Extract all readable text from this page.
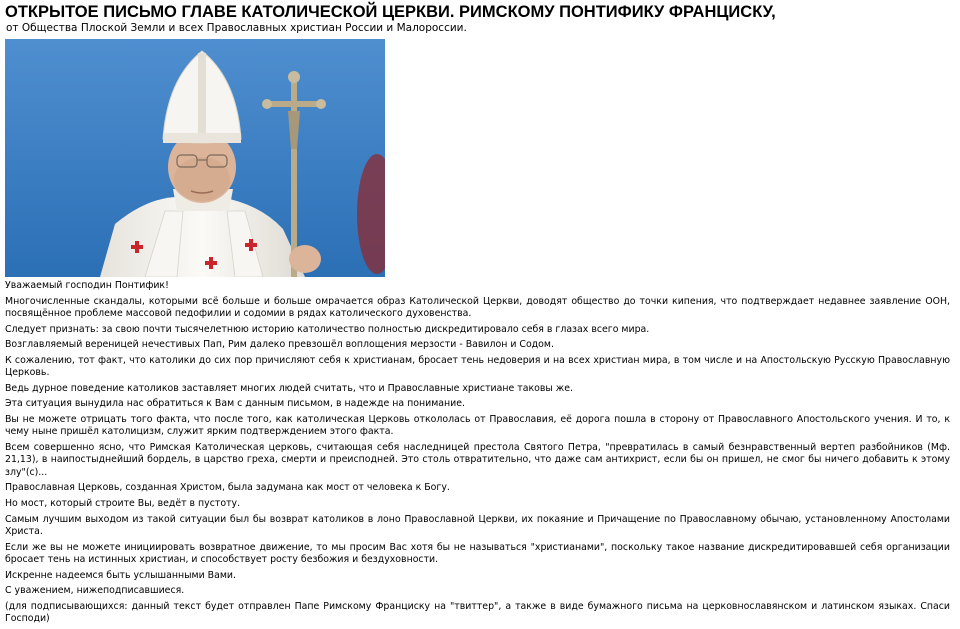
ОТКРЫТОЕ ПИСЬМО ГЛАВЕ КАТОЛИЧЕСКОЙ ЦЕРКВИ. РИМСКОМУ ПОНТИФИКУ ФРАНЦИСКУ,
от Общества Плоской Земли и всех Православных христиан России и Малороссии.

Уважаемый господин Понтифик!

Многочисленные скандалы, которыми всё больше и больше омрачается образ Католической Церкви, доводят общество до точки кипения, что подтверждает недавнее заявление ООН, посвящённое проблеме массовой педофилии и содомии в рядах католического духовенства.

Следует признать: за свою почти тысячелетнюю историю католичество полностью дискредитировало себя в глазах всего мира.

Возглавляемый вереницей нечестивых Пап, Рим далеко превзошёл воплощения мерзости - Вавилон и Содом.

К сожалению, тот факт, что католики до сих пор причисляют себя к христианам, бросает тень недоверия и на всех христиан мира, в том числе и на Апостольскую Русскую Православную Церковь.

Ведь дурное поведение католиков заставляет многих людей считать, что и Православные христиане таковы же.

Эта ситуация вынудила нас обратиться к Вам с данным письмом, в надежде на понимание.

Вы не можете отрицать того факта, что после того, как католическая Церковь откололась от Православия, её дорога пошла в сторону от Православного Апостольского учения. И то, к чему ныне пришёл католицизм, служит ярким подтверждением этого факта.

Всем совершенно ясно, что Римская Католическая церковь, считающая себя наследницей престола Святого Петра, "превратилась в самый безнравственный вертеп разбойников (Мф. 21,13), в наипостыднейший бордель, в царство греха, смерти и преисподней. Это столь отвратительно, что даже сам антихрист, если бы он пришел, не смог бы ничего добавить к этому злу"(с)...

Православная Церковь, созданная Христом, была задумана как мост от человека к Богу.

Но мост, который строите Вы, ведёт в пустоту.

Самым лучшим выходом из такой ситуации был бы возврат католиков в лоно Православной Церкви, их покаяние и Причащение по Православному обычаю, установленному Апостолами Христа.

Если же вы не можете инициировать возвратное движение, то мы просим Вас хотя бы не называться "христианами", поскольку такое название дискредитировавшей себя организации бросает тень на истинных христиан, и способствует росту безбожия и бездуховности.

Искренне надеемся быть услышанными Вами.

С уважением, нижеподписавшиеся.

(для подписывающихся: данный текст будет отправлен Папе Римскому Франциску на "твиттер", а также в виде бумажного письма на церковнославянском и латинском языках. Спаси Господи)
